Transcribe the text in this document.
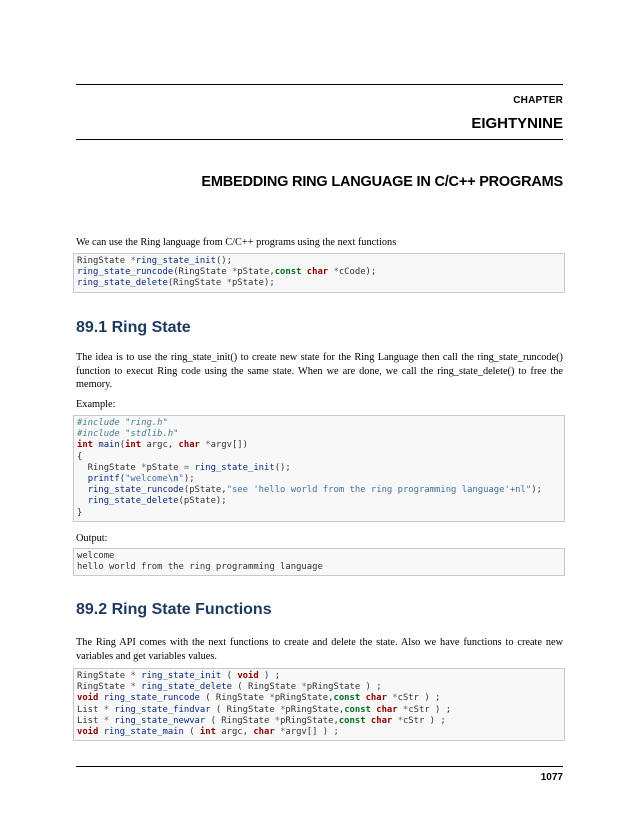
CHAPTER
EIGHTYNINE
EMBEDDING RING LANGUAGE IN C/C++ PROGRAMS

We can use the Ring language from C/C++ programs using the next functions

RingState *ring_state_init();
ring_state_runcode(RingState *pState,const char *cCode);
ring_state_delete(RingState *pState);
89.1 Ring State

The idea is to use the ring_state_init() to create new state for the Ring Language then call the ring_state_runcode() function to execut Ring code using the same state. When we are done, we call the ring_state_delete() to free the memory.

Example:

#include "ring.h"
#include "stdlib.h"
int main(int argc, char *argv[])
{
RingState *pState = ring_state_init();
printf("welcome\n");
ring_state_runcode(pState,"see 'hello world from the ring programming language'+nl");
ring_state_delete(pState);
}

Output:

welcome
hello world from the ring programming language
89.2 Ring State Functions

The Ring API comes with the next functions to create and delete the state. Also we have functions to create new variables and get variables values.

RingState * ring_state_init ( void ) ;
RingState * ring_state_delete ( RingState *pRingState ) ;
void ring_state_runcode ( RingState *pRingState,const char *cStr ) ;
List * ring_state_findvar ( RingState *pRingState,const char *cStr ) ;
List * ring_state_newvar ( RingState *pRingState,const char *cStr ) ;
void ring_state_main ( int argc, char *argv[] ) ;
1077
